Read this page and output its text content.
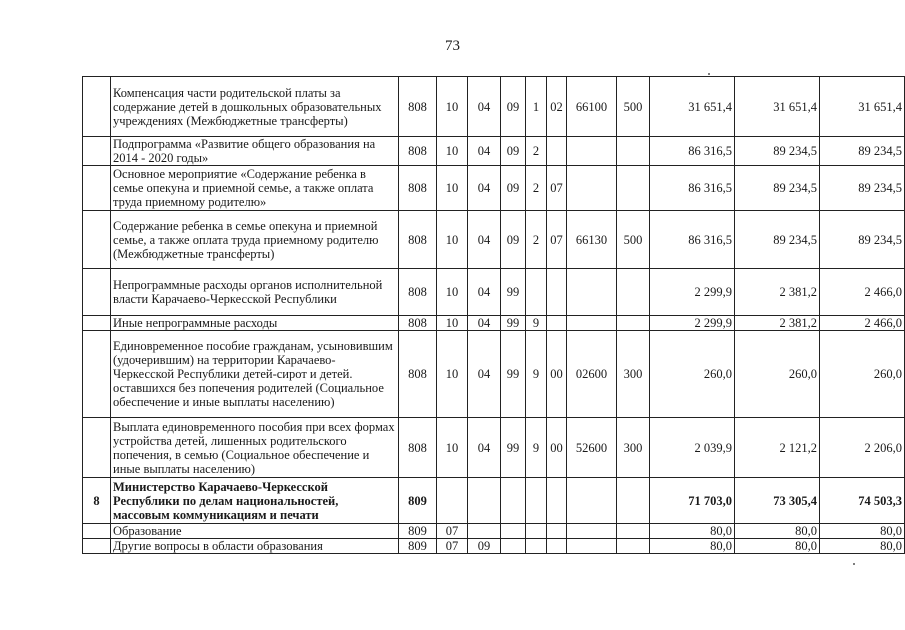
73
	Компенсация части родительской платы за содержание детей в дошкольных образовательных учреждениях (Межбюджетные трансферты)	808	10	04	09	1	02	66100	500	31 651,4	31 651,4	31 651,4
	Подпрограмма «Развитие общего образования на 2014 - 2020 годы»	808	10	04	09	2				86 316,5	89 234,5	89 234,5
	Основное мероприятие «Содержание ребенка в семье опекуна и приемной семье, а также оплата труда приемному родителю»	808	10	04	09	2	07			86 316,5	89 234,5	89 234,5
	Содержание ребенка в семье опекуна и приемной семье, а также оплата труда приемному родителю (Межбюджетные трансферты)	808	10	04	09	2	07	66130	500	86 316,5	89 234,5	89 234,5
	Непрограммные расходы органов исполнительной власти Карачаево-Черкесской Республики	808	10	04	99					2 299,9	2 381,2	2 466,0
	Иные непрограммные расходы	808	10	04	99	9				2 299,9	2 381,2	2 466,0
	Единовременное пособие гражданам, усыновившим (удочерившим) на территории Карачаево-Черкесской Республики детей-сирот и детей. оставшихся без попечения родителей (Социальное обеспечение и иные выплаты населению)	808	10	04	99	9	00	02600	300	260,0	260,0	260,0
	Выплата единовременного пособия при всех формах устройства детей, лишенных родительского попечения, в семью (Социальное обеспечение и иные выплаты населению)	808	10	04	99	9	00	52600	300	2 039,9	2 121,2	2 206,0
8	Министерство Карачаево-Черкесской Республики по делам национальностей, массовым коммуникациям и печати	809								71 703,0	73 305,4	74 503,3
	Образование	809	07							80,0	80,0	80,0
	Другие вопросы в области образования	809	07	09						80,0	80,0	80,0
